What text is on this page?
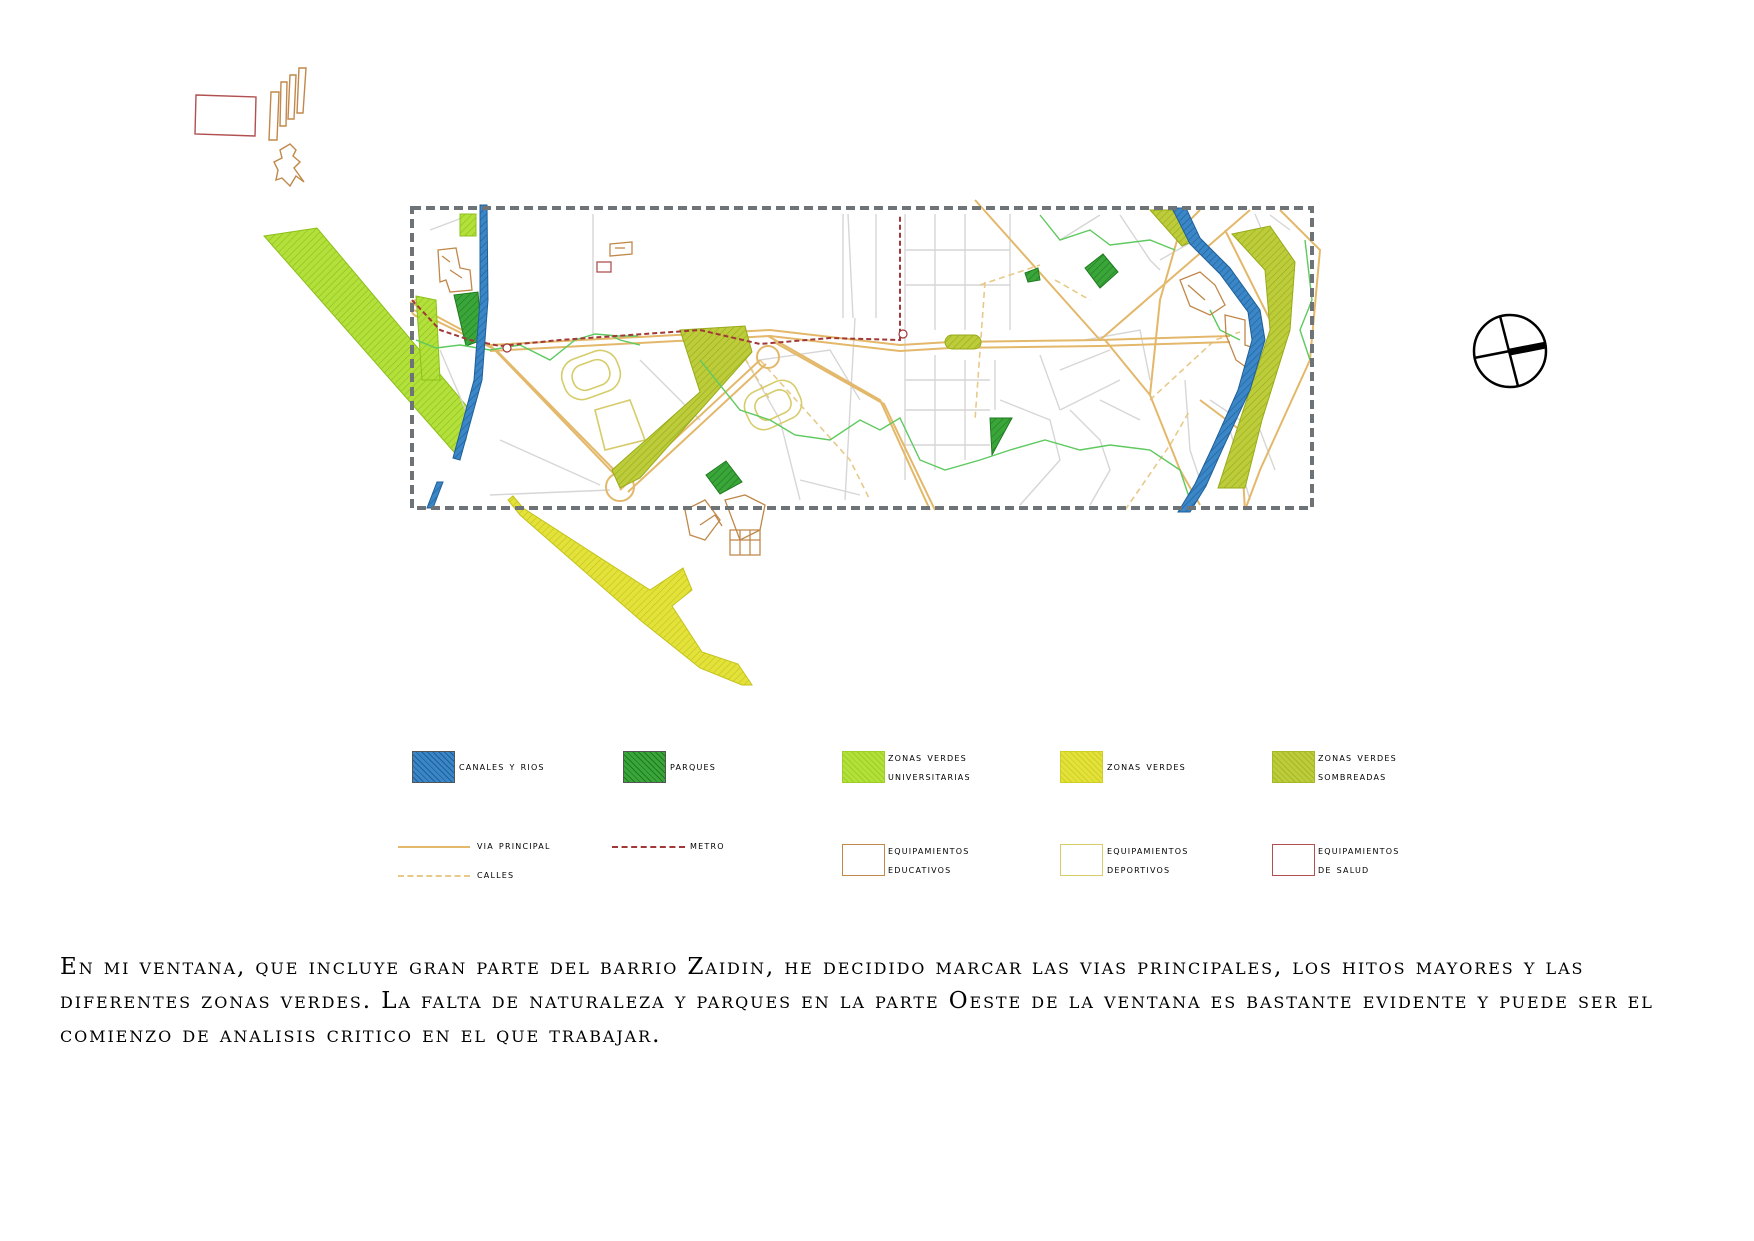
canales y rios	parques
zonas verdes
universitarias
zonas verdes
zonas verdes
sombreadas
via principal	metro
calles
equipamientos
educativos
equipamientos
deportivos
equipamientos
de salud

En mi ventana, que incluye gran parte del barrio Zaidin, he decidido marcar las vias principales, los hitos mayores y las diferentes zonas verdes. La falta de naturaleza y parques en la parte Oeste de la ventana es bastante evidente y puede ser el comienzo de analisis critico en el que trabajar.
